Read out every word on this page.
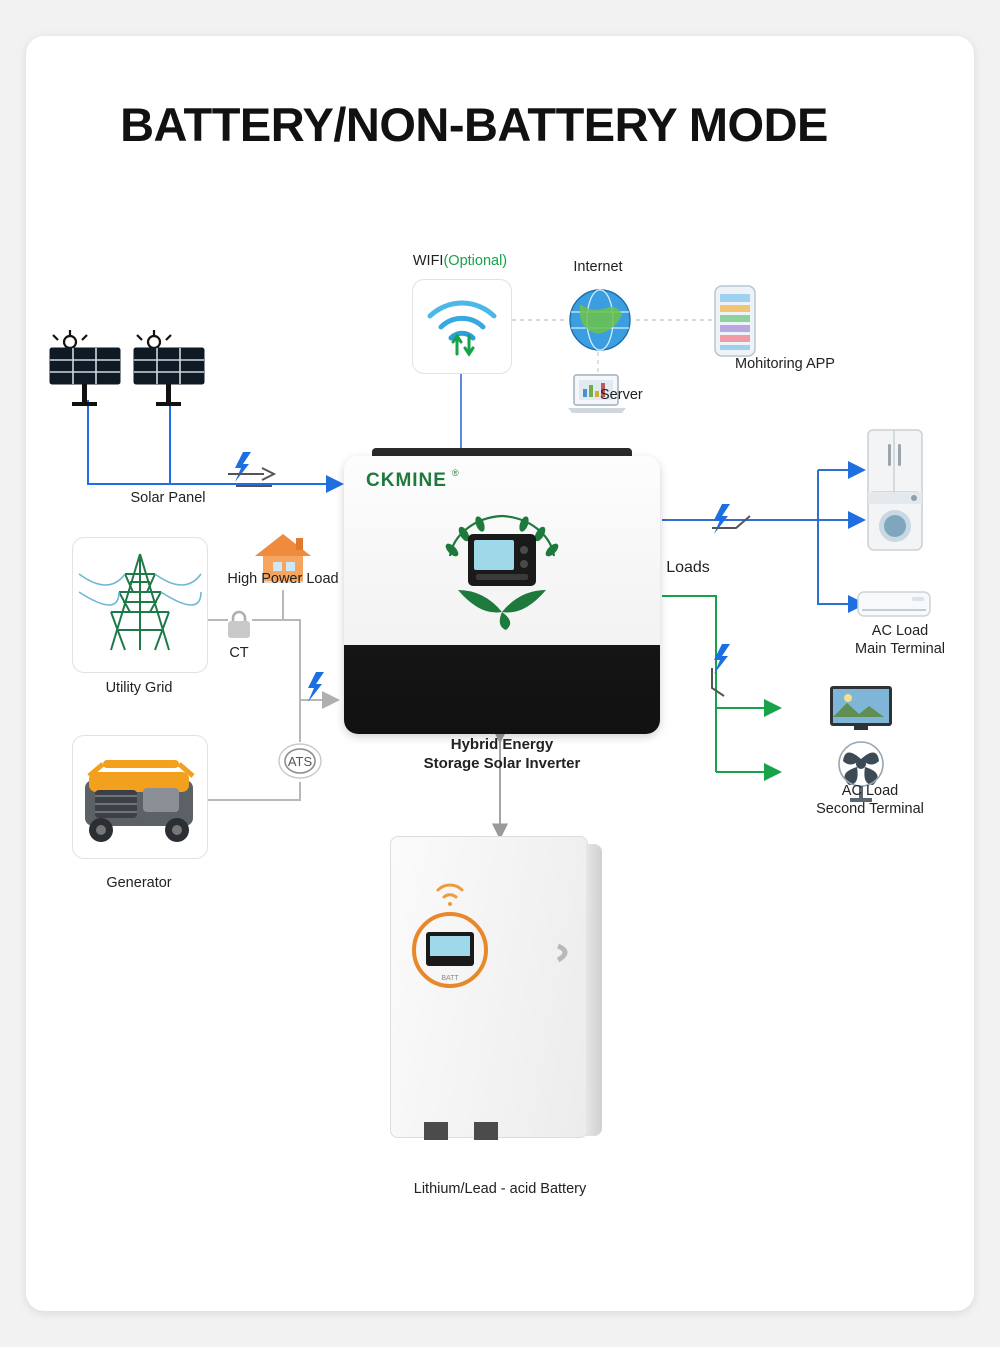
BATTERY/NON-BATTERY MODE
WIFI(Optional)	Internet
Mohitoring APP
Server
Solar Panel
Utility Grid
CT
High Power Load
ATS
Generator
CKMINE ®
Hybrid Energy
Storage Solar Inverter
BATT
Lithium/Lead - acid Battery
Loads
AC Load
Main Terminal
AC Load
Second Terminal
